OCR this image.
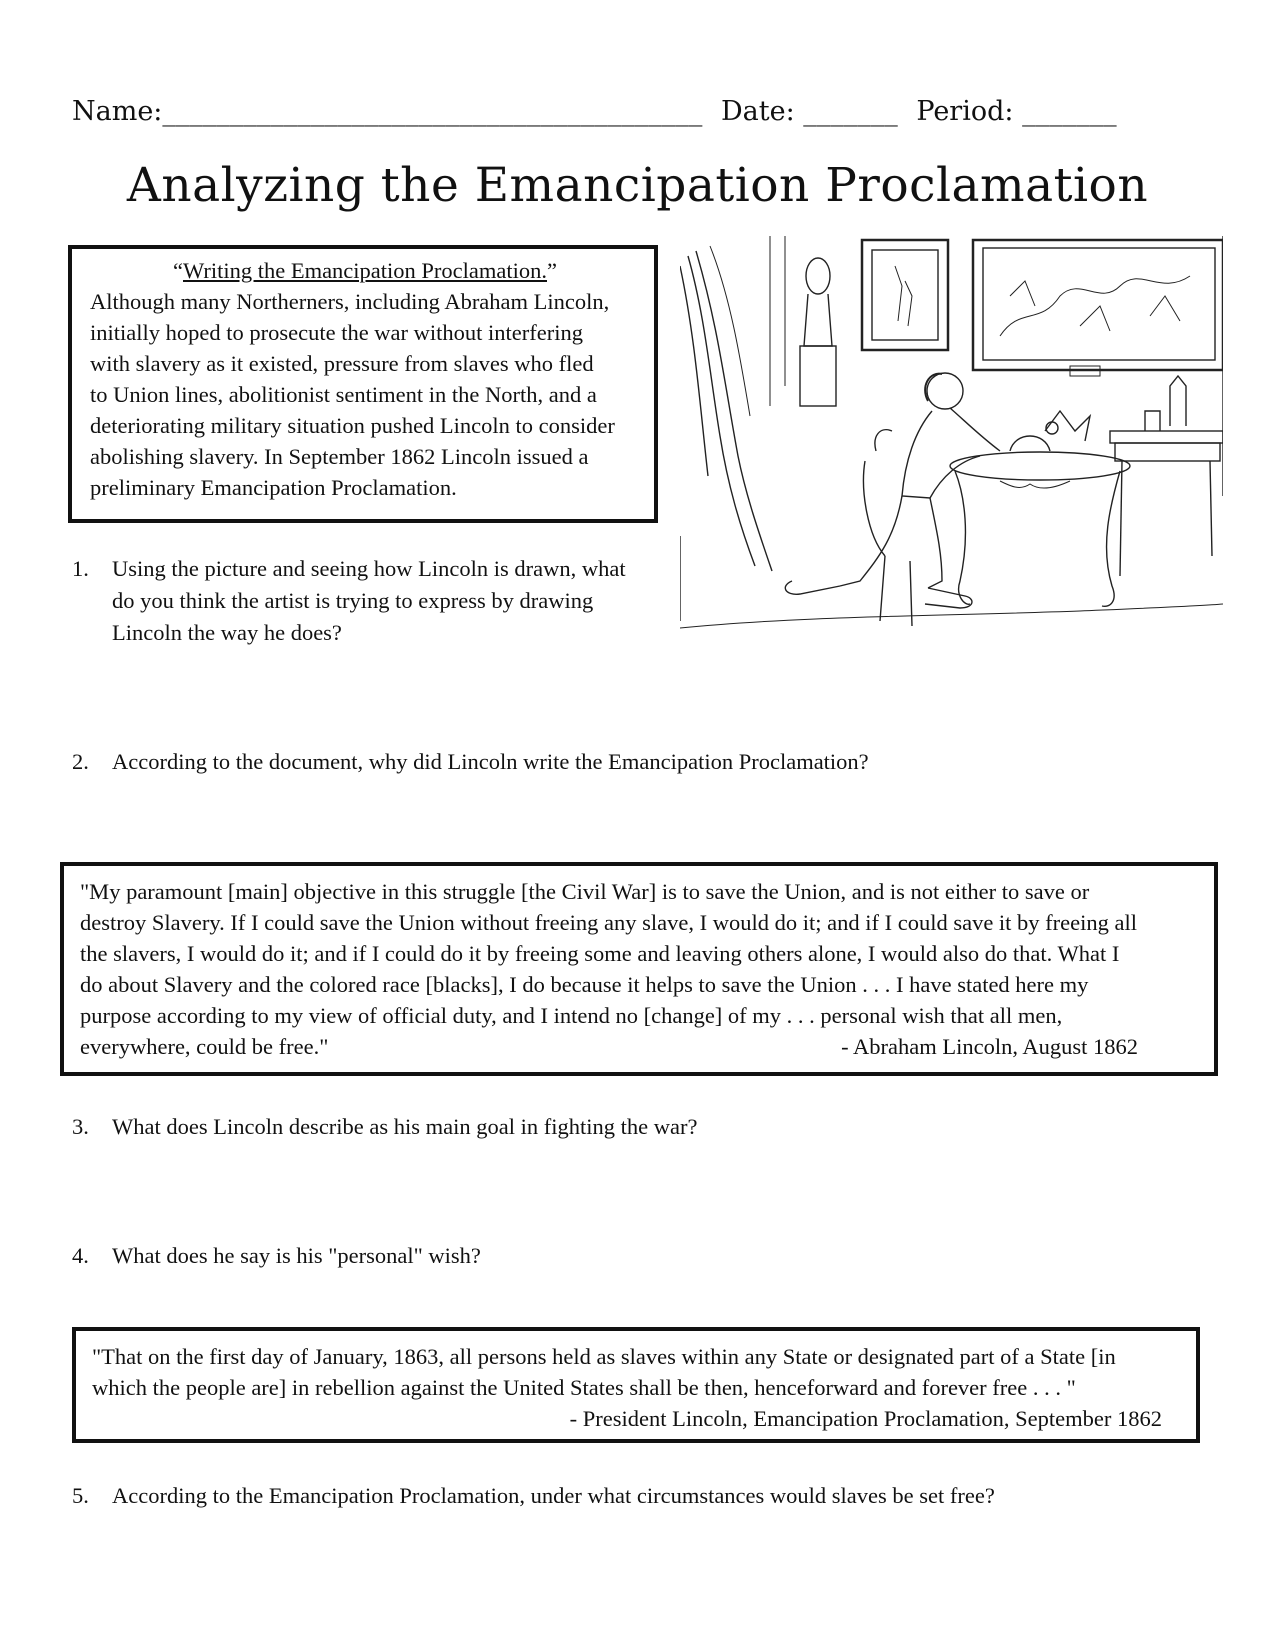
Name:________________________________________ Date: _______ Period: _______
Analyzing the Emancipation Proclamation
“Writing the Emancipation Proclamation.”
Although many Northerners, including Abraham Lincoln,
initially hoped to prosecute the war without interfering
with slavery as it existed, pressure from slaves who fled
to Union lines, abolitionist sentiment in the North, and a
deteriorating military situation pushed Lincoln to consider
abolishing slavery. In September 1862 Lincoln issued a
preliminary Emancipation Proclamation.
1.	Using the picture and seeing how Lincoln is drawn, what
do you think the artist is trying to express by drawing
Lincoln the way he does?
2.	According to the document, why did Lincoln write the Emancipation Proclamation?
"My paramount [main] objective in this struggle [the Civil War] is to save the Union, and is not either to save or
destroy Slavery. If I could save the Union without freeing any slave, I would do it; and if I could save it by freeing all
the slavers, I would do it; and if I could do it by freeing some and leaving others alone, I would also do that. What I
do about Slavery and the colored race [blacks], I do because it helps to save the Union . . . I have stated here my
purpose according to my view of official duty, and I intend no [change] of my . . . personal wish that all men,
everywhere, could be free."	- Abraham Lincoln, August 1862
3.	What does Lincoln describe as his main goal in fighting the war?
4.	What does he say is his "personal" wish?
"That on the first day of January, 1863, all persons held as slaves within any State or designated part of a State [in
which the people are] in rebellion against the United States shall be then, henceforward and forever free . . . "
- President Lincoln, Emancipation Proclamation, September 1862
5.	According to the Emancipation Proclamation, under what circumstances would slaves be set free?
